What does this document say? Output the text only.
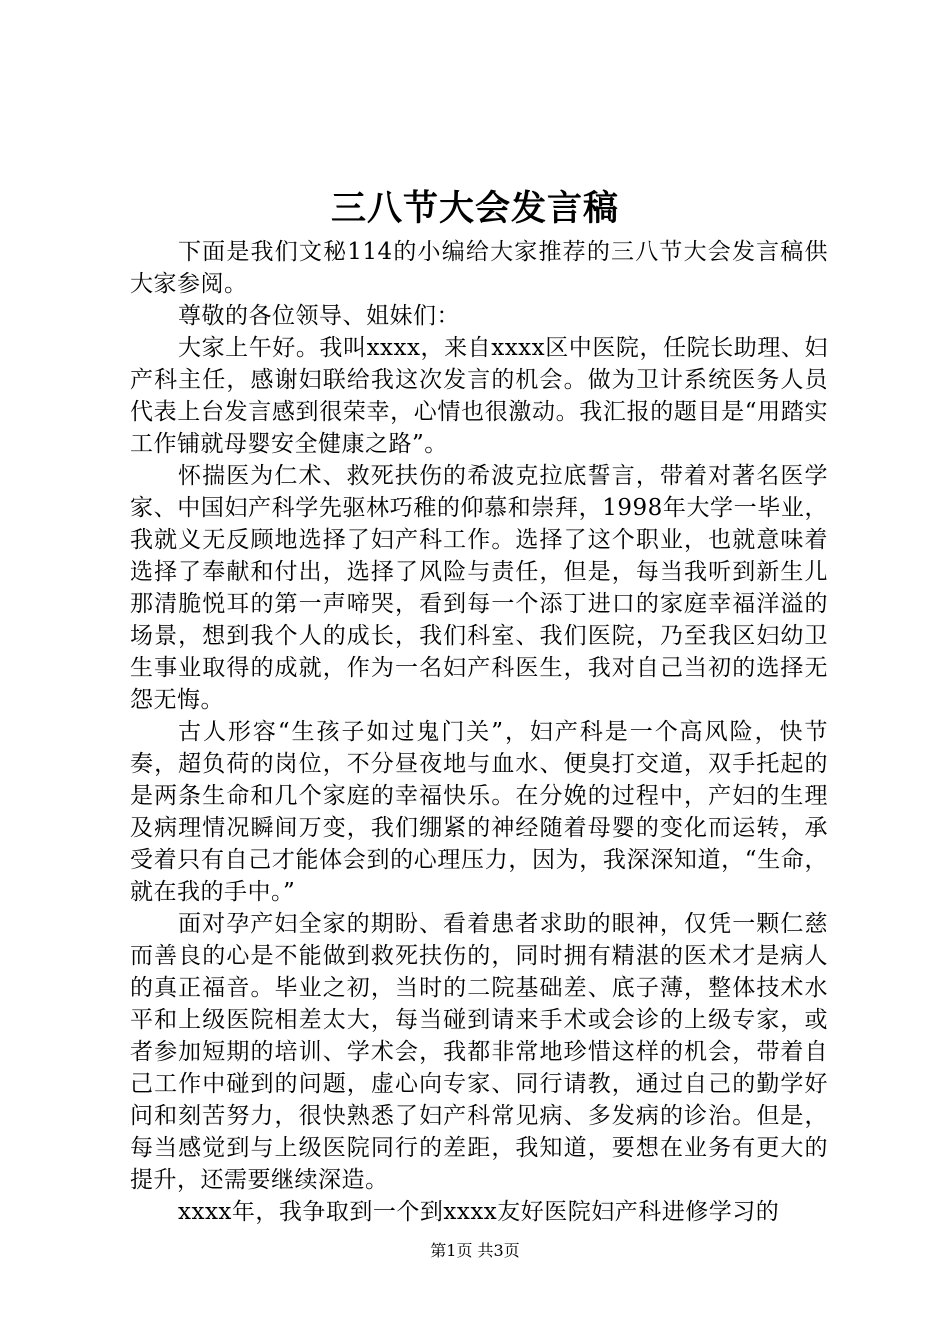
三八节大会发言稿

下面是我们文秘114的小编给大家推荐的三八节大会发言稿供大家参阅。

尊敬的各位领导、姐妹们：

大家上午好。我叫xxxx，来自xxxx区中医院，任院长助理、妇产科主任，感谢妇联给我这次发言的机会。做为卫计系统医务人员代表上台发言感到很荣幸，心情也很激动。我汇报的题目是“用踏实工作铺就母婴安全健康之路”。

怀揣医为仁术、救死扶伤的希波克拉底誓言，带着对著名医学家、中国妇产科学先驱林巧稚的仰慕和崇拜，1998年大学一毕业，我就义无反顾地选择了妇产科工作。选择了这个职业，也就意味着选择了奉献和付出，选择了风险与责任，但是，每当我听到新生儿那清脆悦耳的第一声啼哭，看到每一个添丁进口的家庭幸福洋溢的场景，想到我个人的成长，我们科室、我们医院，乃至我区妇幼卫生事业取得的成就，作为一名妇产科医生，我对自己当初的选择无怨无悔。

古人形容“生孩子如过鬼门关”，妇产科是一个高风险，快节奏，超负荷的岗位，不分昼夜地与血水、便臭打交道，双手托起的是两条生命和几个家庭的幸福快乐。在分娩的过程中，产妇的生理及病理情况瞬间万变，我们绷紧的神经随着母婴的变化而运转，承受着只有自己才能体会到的心理压力，因为，我深深知道，“生命，就在我的手中。”

面对孕产妇全家的期盼、看着患者求助的眼神，仅凭一颗仁慈而善良的心是不能做到救死扶伤的，同时拥有精湛的医术才是病人的真正福音。毕业之初，当时的二院基础差、底子薄，整体技术水平和上级医院相差太大，每当碰到请来手术或会诊的上级专家，或者参加短期的培训、学术会，我都非常地珍惜这样的机会，带着自己工作中碰到的问题，虚心向专家、同行请教，通过自己的勤学好问和刻苦努力，很快熟悉了妇产科常见病、多发病的诊治。但是，每当感觉到与上级医院同行的差距，我知道，要想在业务有更大的提升，还需要继续深造。

xxxx年，我争取到一个到xxxx友好医院妇产科进修学习的

第1页 共3页
